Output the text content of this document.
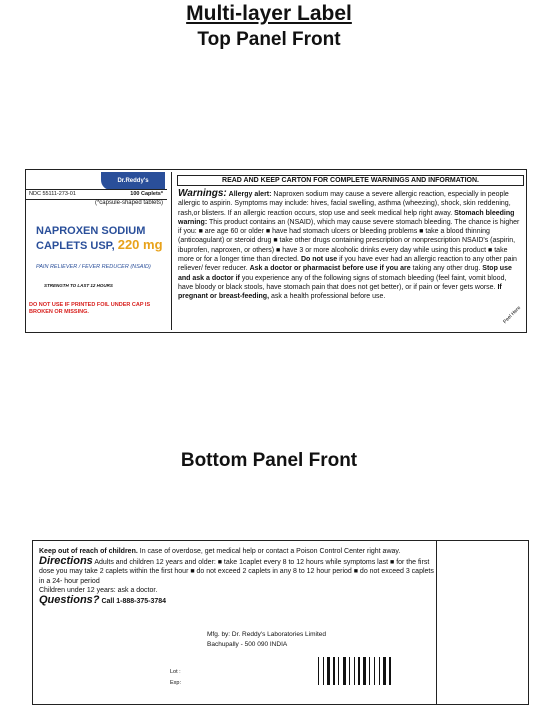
Multi-layer Label
Top Panel Front
Dr.Reddy's
NDC 55111-273-01	100 Caplets*
(*capsule-shaped tablets)
NAPROXEN SODIUM
CAPLETS USP, 220 mg
PAIN RELIEVER / FEVER REDUCER (NSAID)
STRENGTH TO LAST 12 HOURS
DO NOT USE IF PRINTED FOIL UNDER CAP IS BROKEN OR MISSING.
READ AND KEEP CARTON FOR COMPLETE WARNINGS AND INFORMATION.
Warnings: Allergy alert: Naproxen sodium may cause a severe allergic reaction, especially in people allergic to aspirin. Symptoms may include: hives, facial swelling, asthma (wheezing), shock, skin reddening, rash,or blisters. If an allergic reaction occurs, stop use and seek medical help right away. Stomach bleeding warning: This product contains an (NSAID), which may cause severe stomach bleeding. The chance is higher if you: ■ are age 60 or older ■ have had stomach ulcers or bleeding problems ■ take a blood thinning (anticoagulant) or steroid drug ■ take other drugs containing prescription or nonprescription NSAID's (aspirin, ibuprofen, naproxen, or others) ■ have 3 or more alcoholic drinks every day while using this product ■ take more or for a longer time than directed. Do not use if you have ever had an allergic reaction to any other pain reliever/ fever reducer. Ask a doctor or pharmacist before use if you are taking any other drug. Stop use and ask a doctor if you experience any of the following signs of stomach bleeding (feel faint, vomit blood, have bloody or black stools, have stomach pain that does not get better), or if pain or fever gets worse. If pregnant or breast-feeding, ask a health professional before use.
Peel Here
Bottom Panel Front
Keep out of reach of children. In case of overdose, get medical help or contact a Poison Control Center right away.
Directions Adults and children 12 years and older: ■ take 1caplet every 8 to 12 hours while symptoms last ■ for the first dose you may take 2 caplets within the first hour ■ do not exceed 2 caplets in any 8 to 12 hour period ■ do not exceed 3 caplets in a 24- hour period
Children under 12 years: ask a doctor.
Questions? Call 1-888-375-3784
Mfg. by: Dr. Reddy's Laboratories Limited
Bachupally - 500 090 INDIA
Lot :
Exp:
